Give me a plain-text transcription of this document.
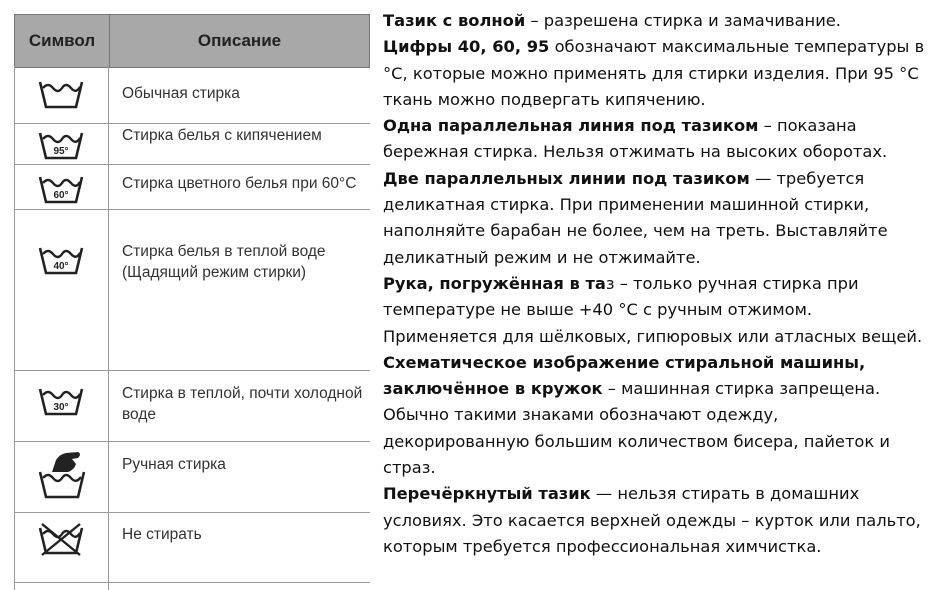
Символ	Описание
Обычная стирка
95°
Стирка белья с кипячением
60°
Стирка цветного белья при 60°С
40°
Стирка белья в теплой воде (Щадящий режим стирки)
30°
Стирка в теплой, почти холодной воде
Ручная стирка
Не стирать

Тазик с волной – разрешена стирка и замачивание.

Цифры 40, 60, 95 обозначают максимальные температуры в °С, которые можно применять для стирки изделия. При 95 °С ткань можно подвергать кипячению.

Одна параллельная линия под тазиком – показана бережная стирка. Нельзя отжимать на высоких оборотах.

Две параллельных линии под тазиком — требуется деликатная стирка. При применении машинной стирки, наполняйте барабан не более, чем на треть. Выставляйте деликатный режим и не отжимайте.

Рука, погружённая в таз – только ручная стирка при температуре не выше +40 °С с ручным отжимом. Применяется для шёлковых, гипюровых или атласных вещей.

Схематическое изображение стиральной машины, заключённое в кружок – машинная стирка запрещена. Обычно такими знаками обозначают одежду, декорированную большим количеством бисера, пайеток и страз.

Перечёркнутый тазик — нельзя стирать в домашних условиях. Это касается верхней одежды – курток или пальто, которым требуется профессиональная химчистка.
